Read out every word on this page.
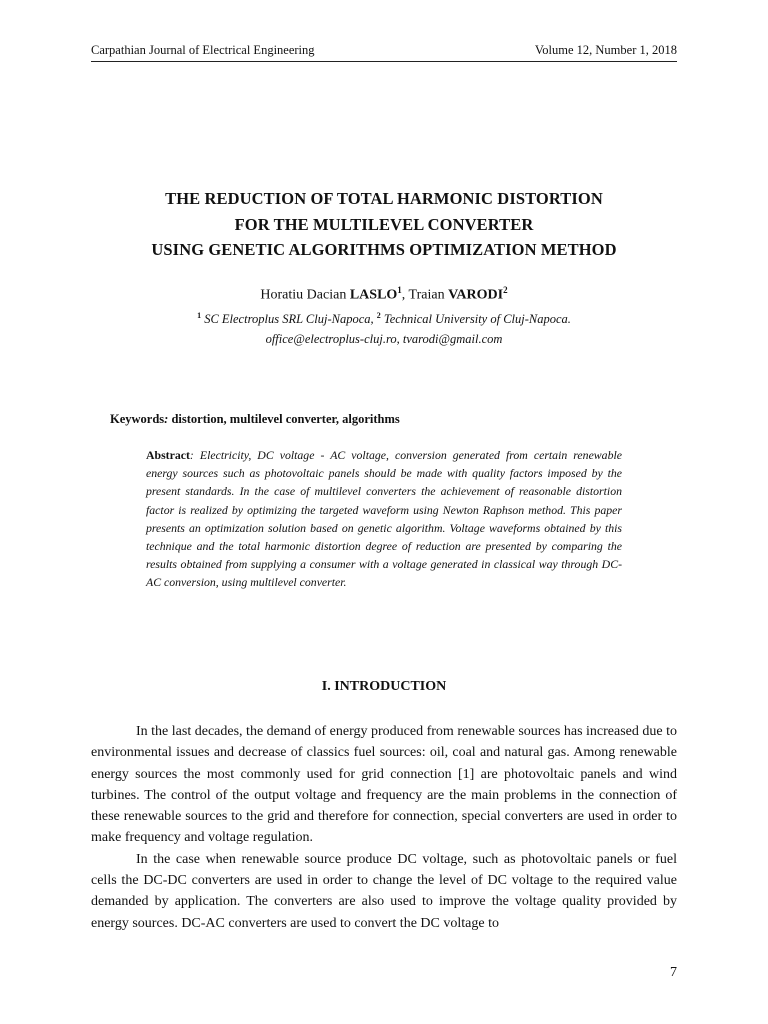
Carpathian Journal of Electrical Engineering	Volume 12, Number 1, 2018
THE REDUCTION OF TOTAL HARMONIC DISTORTION
FOR THE MULTILEVEL CONVERTER
USING GENETIC ALGORITHMS OPTIMIZATION METHOD
Horatiu Dacian LASLO$^1$, Traian VARODI$^2$
$^1$ SC Electroplus SRL Cluj-Napoca, $^2$ Technical University of Cluj-Napoca.
office@electroplus-cluj.ro, tvarodi@gmail.com
Keywords: distortion, multilevel converter, algorithms
Abstract: Electricity, DC voltage - AC voltage, conversion generated from certain renewable energy sources such as photovoltaic panels should be made with quality factors imposed by the present standards. In the case of multilevel converters the achievement of reasonable distortion factor is realized by optimizing the targeted waveform using Newton Raphson method. This paper presents an optimization solution based on genetic algorithm. Voltage waveforms obtained by this technique and the total harmonic distortion degree of reduction are presented by comparing the results obtained from supplying a consumer with a voltage generated in classical way through DC-AC conversion, using multilevel converter.
I. INTRODUCTION

In the last decades, the demand of energy produced from renewable sources has increased due to environmental issues and decrease of classics fuel sources: oil, coal and natural gas. Among renewable energy sources the most commonly used for grid connection [1] are photovoltaic panels and wind turbines. The control of the output voltage and frequency are the main problems in the connection of these renewable sources to the grid and therefore for connection, special converters are used in order to make frequency and voltage regulation.

In the case when renewable source produce DC voltage, such as photovoltaic panels or fuel cells the DC-DC converters are used in order to change the level of DC voltage to the required value demanded by application. The converters are also used to improve the voltage quality provided by energy sources. DC-AC converters are used to convert the DC voltage to

7
